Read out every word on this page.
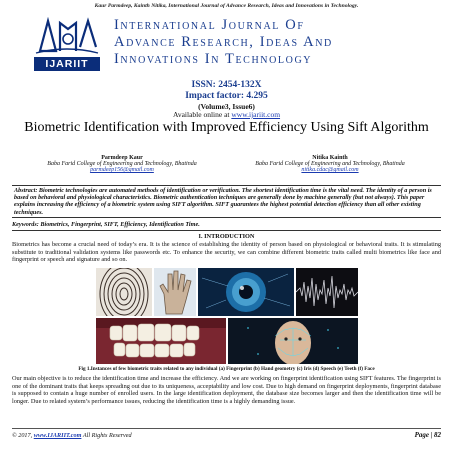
Kaur Parmdeep, Kainth Nitika, International Journal of Advance Research, Ideas and Innovations in Technology.
IJARIIT
International Journal Of
Advance Research, Ideas And
Innovations In Technology
ISSN: 2454-132X
Impact factor: 4.295
(Volume3, Issue6)
Available online at www.ijariit.com
Biometric Identification with Improved Efficiency Using Sift Algorithm
Parmdeep Kaur
Baba Farid College of Engineering and Technology, Bhatinda
parmdeep156@gmail.com
Nitika Kainth
Baba Farid College of Engineering and Technology, Bhatinda
nitika.cdac@gmail.com
Abstract: Biometric technologies are automated methods of identification or verification. The shortest identification time is the vital need. The identity of a person is based on behavioral and physiological characteristics. Biometric authentication techniques are generally done by machine generally (but not always). This paper explains increasing the efficiency of a biometric system using SIFT algorithm. SIFT guarantees the highest potential detection efficiency than all other existing techniques.
Keywords: Biometrics, Fingerprint, SIFT, Efficiency, Identification Time.
I. INTRODUCTION
Biometrics has become a crucial need of today’s era. It is the science of establishing the identity of person based on physiological or behavioral traits. It is stimulating substitute to traditional validation systems like passwords etc. To enhance the security, we can combine different biometric traits called multi biometrics like face and fingerprint or speech and signature and so on.
Fig 1.Instances of few biometric traits related to any individual (a) Fingerprint (b) Hand geometry (c) Iris (d) Speech (e) Teeth (f) Face
Our main objective is to reduce the identification time and increase the efficiency. And we are working on fingerprint identification using SIFT features. The fingerprint is one of the dominant traits that keeps spreading out due to its uniqueness, acceptability and low cost. Due to high demand on fingerprint deployments, fingerprint database is supposed to contain a huge number of enrolled users. In the large identification deployment, the database size becomes larger and then the identification time will be longer. Due to related system’s performance issues, reducing the identification time is a highly demanding issue.
© 2017, www.IJARIIT.com All Rights Reserved	Page | 82
